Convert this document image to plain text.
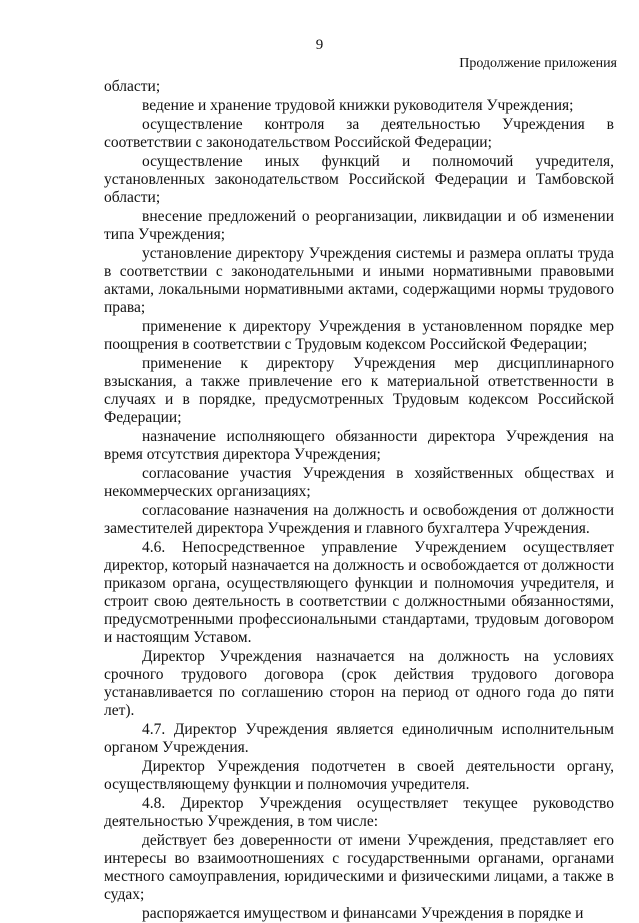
9
Продолжение приложения

области;

ведение и хранение трудовой книжки руководителя Учреждения;

осуществление контроля за деятельностью Учреждения в соответствии с законодательством Российской Федерации;

осуществление иных функций и полномочий учредителя, установленных законодательством Российской Федерации и Тамбовской области;

внесение предложений о реорганизации, ликвидации и об изменении типа Учреждения;

установление директору Учреждения системы и размера оплаты труда в соответствии с законодательными и иными нормативными правовыми актами, локальными нормативными актами, содержащими нормы трудового права;

применение к директору Учреждения в установленном порядке мер поощрения в соответствии с Трудовым кодексом Российской Федерации;

применение к директору Учреждения мер дисциплинарного взыскания, а также привлечение его к материальной ответственности в случаях и в порядке, предусмотренных Трудовым кодексом Российской Федерации;

назначение исполняющего обязанности директора Учреждения на время отсутствия директора Учреждения;

согласование участия Учреждения в хозяйственных обществах и некоммерческих организациях;

согласование назначения на должность и освобождения от должности заместителей директора Учреждения и главного бухгалтера Учреждения.

4.6. Непосредственное управление Учреждением осуществляет директор, который назначается на должность и освобождается от должности приказом органа, осуществляющего функции и полномочия учредителя, и строит свою деятельность в соответствии с должностными обязанностями, предусмотренными профессиональными стандартами, трудовым договором и настоящим Уставом.

Директор Учреждения назначается на должность на условиях срочного трудового договора (срок действия трудового договора устанавливается по соглашению сторон на период от одного года до пяти лет).

4.7. Директор Учреждения является единоличным исполнительным органом Учреждения.

Директор Учреждения подотчетен в своей деятельности органу, осуществляющему функции и полномочия учредителя.

4.8. Директор Учреждения осуществляет текущее руководство деятельностью Учреждения, в том числе:

действует без доверенности от имени Учреждения, представляет его интересы во взаимоотношениях с государственными органами, органами местного самоуправления, юридическими и физическими лицами, а также в судах;

распоряжается имуществом и финансами Учреждения в порядке и
